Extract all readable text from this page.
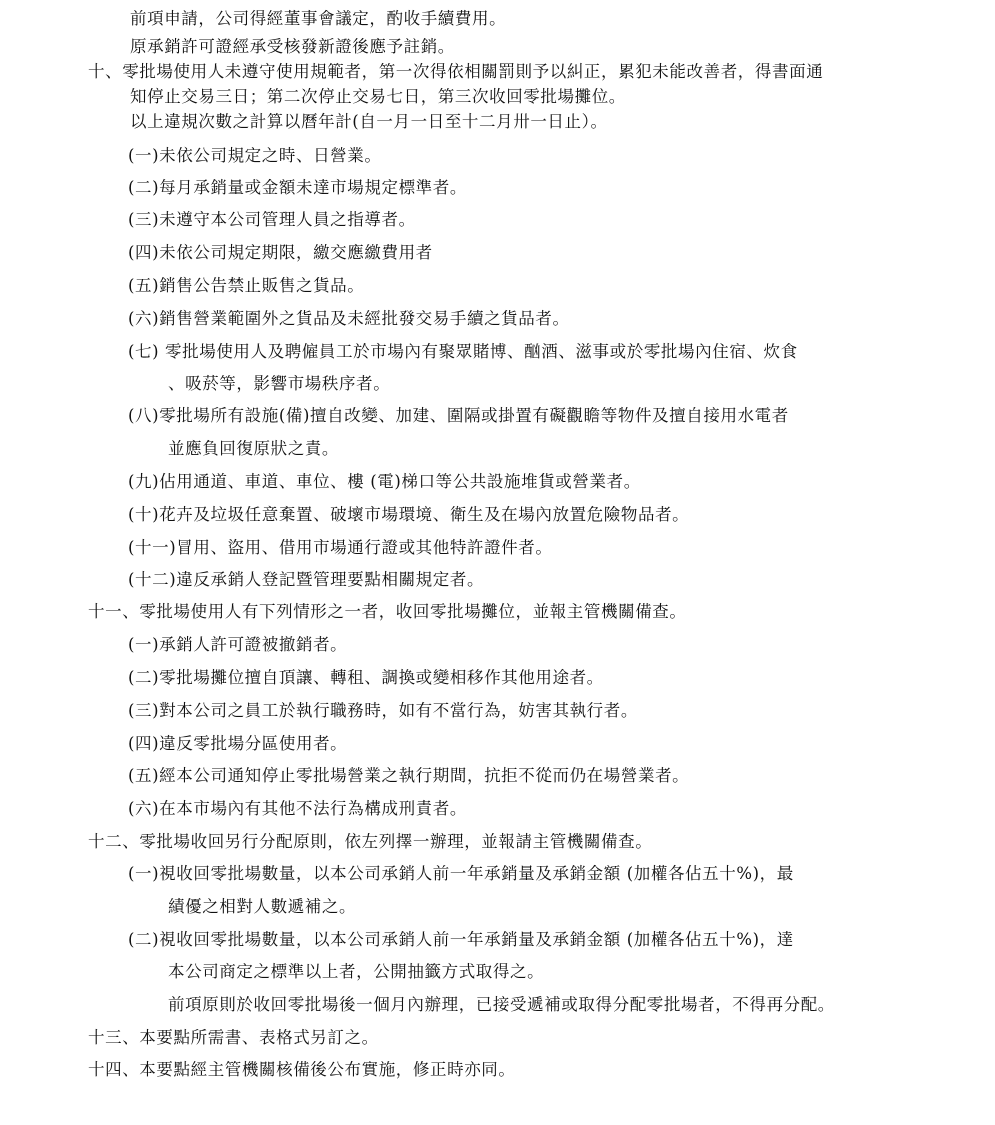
前項申請，公司得經董事會議定，酌收手續費用。
原承銷許可證經承受核發新證後應予註銷。
十、零批場使用人未遵守使用規範者，第一次得依相關罰則予以糾正，累犯未能改善者，得書面通
知停止交易三日；第二次停止交易七日，第三次收回零批場攤位。
以上違規次數之計算以曆年計(自一月一日至十二月卅一日止）。
(一)未依公司規定之時、日營業。
(二)每月承銷量或金額未達市場規定標準者。
(三)未遵守本公司管理人員之指導者。
(四)未依公司規定期限，繳交應繳費用者
(五)銷售公告禁止販售之貨品。
(六)銷售營業範圍外之貨品及未經批發交易手續之貨品者。
(七) 零批場使用人及聘僱員工於市場內有聚眾賭博、酗酒、滋事或於零批場內住宿、炊食
、吸菸等，影響市場秩序者。
(八)零批場所有設施(備)擅自改變、加建、圍隔或掛置有礙觀瞻等物件及擅自接用水電者
並應負回復原狀之責。
(九)佔用通道、車道、車位、樓 (電)梯口等公共設施堆貨或營業者。
(十)花卉及垃圾任意棄置、破壞市場環境、衛生及在場內放置危險物品者。
(十一)冒用、盜用、借用市場通行證或其他特許證件者。
(十二)違反承銷人登記暨管理要點相關規定者。
十一、零批場使用人有下列情形之一者，收回零批場攤位，並報主管機關備查。
(一)承銷人許可證被撤銷者。
(二)零批場攤位擅自頂讓、轉租、調換或變相移作其他用途者。
(三)對本公司之員工於執行職務時，如有不當行為，妨害其執行者。
(四)違反零批場分區使用者。
(五)經本公司通知停止零批場營業之執行期間，抗拒不從而仍在場營業者。
(六)在本市場內有其他不法行為構成刑責者。
十二、零批場收回另行分配原則，依左列擇一辦理，並報請主管機關備查。
(一)視收回零批場數量，以本公司承銷人前一年承銷量及承銷金額 (加權各佔五十%)，最
績優之相對人數遞補之。
(二)視收回零批場數量，以本公司承銷人前一年承銷量及承銷金額 (加權各佔五十%)，達
本公司商定之標準以上者，公開抽籤方式取得之。
前項原則於收回零批場後一個月內辦理，已接受遞補或取得分配零批場者，不得再分配。
十三、本要點所需書、表格式另訂之。
十四、本要點經主管機關核備後公布實施，修正時亦同。
